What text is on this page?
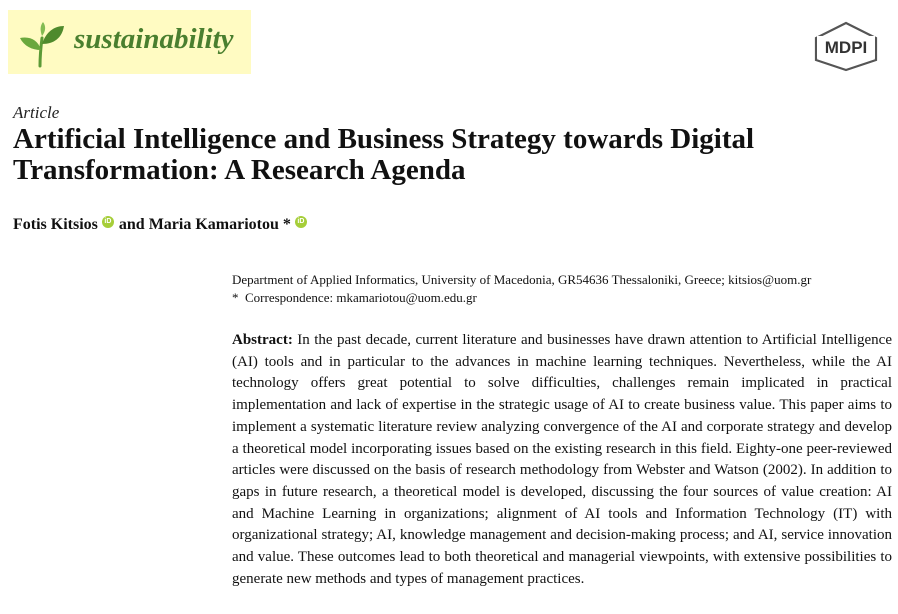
sustainability	MDPI
Article
Artificial Intelligence and Business Strategy towards Digital Transformation: A Research Agenda
Fotis Kitsios iD and
Maria Kamariotou * iD
Department of Applied Informatics, University of Macedonia, GR54636 Thessaloniki, Greece; kitsios@uom.gr
* Correspondence: mkamariotou@uom.edu.gr

Abstract: In the past decade, current literature and businesses have drawn attention to Artificial Intelligence (AI) tools and in particular to the advances in machine learning techniques. Nevertheless, while the AI technology offers great potential to solve difficulties, challenges remain implicated in practical implementation and lack of expertise in the strategic usage of AI to create business value. This paper aims to implement a systematic literature review analyzing convergence of the AI and corporate strategy and develop a theoretical model incorporating issues based on the existing research in this field. Eighty-one peer-reviewed articles were discussed on the basis of research methodology from Webster and Watson (2002). In addition to gaps in future research, a theoretical model is developed, discussing the four sources of value creation: AI and Machine Learning in organizations; alignment of AI tools and Information Technology (IT) with organizational strategy; AI, knowledge management and decision-making process; and AI, service innovation and value. These outcomes lead to both theoretical and managerial viewpoints, with extensive possibilities to generate new methods and types of management practices.
